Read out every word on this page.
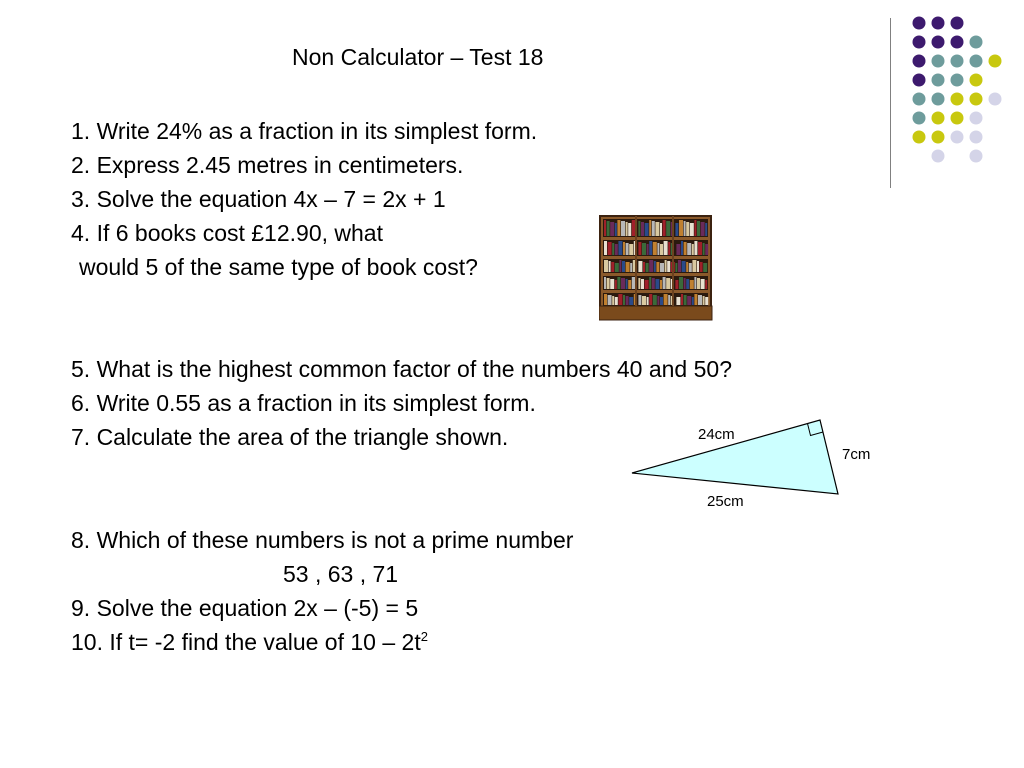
Non Calculator – Test 18
1. Write 24% as a fraction in its simplest form.
2. Express 2.45 metres in centimeters.
3. Solve the equation 4x – 7 = 2x + 1
4. If 6 books cost £12.90, what
would 5 of the same type of book cost?
5. What is the highest common factor of the numbers 40 and 50?
6. Write 0.55 as a fraction in its simplest form.
7. Calculate the area of the triangle shown.
8. Which of these numbers is not a prime number
53 , 63 , 71
9. Solve the equation 2x – (-5) = 5
10. If t= -2 find the value of $10 - 2t^2$
24cm
7cm
25cm
